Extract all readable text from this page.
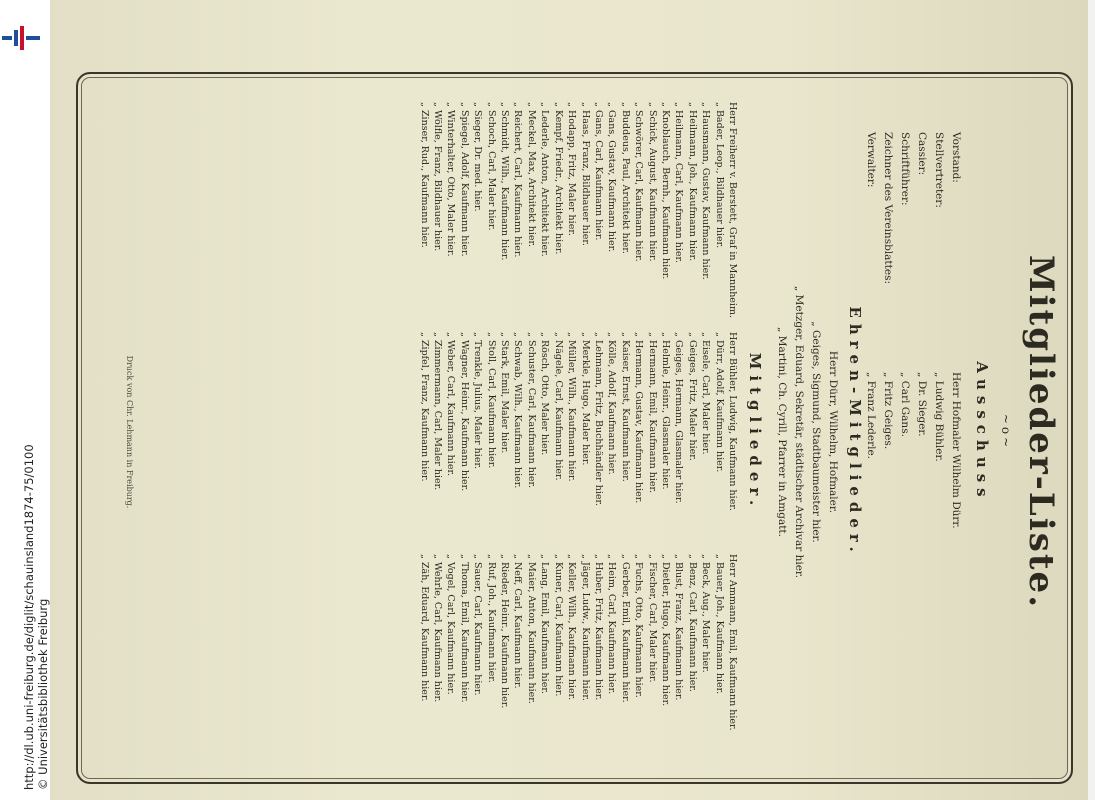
http://dl.ub.uni-freiburg.de/diglit/schauinsland1874-75/0100 © Universitätsbibliothek Freiburg
Mitglieder-Liste.
~o~
Ausschuss
Vorstand:
Herr Hofmaler Wilhelm Dürr.
Stellvertreter:
„ Ludwig Bühler.
Cassier:
„ Dr. Sieger.
Schriftführer:
„ Carl Gans.
Zeichner des Vereinsblattes:
„ Fritz Geiges.
Verwalter:
„ Franz Lederle.
Ehren-Mitglieder.
Herr Dürr, Wilhelm, Hofmaler.
„ Geiges, Sigmund, Stadtbaumeister hier.
„ Metzger, Eduard, Sekretär, städtischer Archivar hier.
„ Martini, Ch. Cyrill, Pfarrer in Amgatt.
Mitglieder.
Herr Freiherr v. Berstett, Graf in Mannheim.
„ Bader, Leop., Bildhauer hier.
„ Hausmann, Gustav, Kaufmann hier.
„ Heilmann, Joh., Kaufmann hier.
„ Heilmann, Carl, Kaufmann hier.
„ Knoblauch, Bernh., Kaufmann hier.
„ Schick, August, Kaufmann hier.
„ Schwörer, Carl, Kaufmann hier.
„ Buddeus, Paul, Architekt hier.
„ Gans, Gustav, Kaufmann hier.
„ Gans, Carl, Kaufmann hier.
„ Haas, Franz, Bildhauer hier.
„ Hodapp, Fritz, Maler hier.
„ Kempf, Friedr., Architekt hier.
„ Lederle, Anton, Architekt hier.
„ Meckel, Max, Architekt hier.
„ Reichert, Carl, Kaufmann hier.
„ Schmidt, Wilh., Kaufmann hier.
„ Schoch, Carl, Maler hier.
„ Sieger, Dr. med. hier.
„ Spiegel, Adolf, Kaufmann hier.
„ Winterhalter, Otto, Maler hier.
„ Wölfle, Franz, Bildhauer hier.
„ Zinser, Rud., Kaufmann hier.
Herr Bühler, Ludwig, Kaufmann hier.
„ Dürr, Adolf, Kaufmann hier.
„ Eisele, Carl, Maler hier.
„ Geiges, Fritz, Maler hier.
„ Geiges, Hermann, Glasmaler hier.
„ Helmle, Heinr., Glasmaler hier.
„ Hermann, Emil, Kaufmann hier.
„ Hermann, Gustav, Kaufmann hier.
„ Kaiser, Ernst, Kaufmann hier.
„ Kölle, Adolf, Kaufmann hier.
„ Lehmann, Fritz, Buchhändler hier.
„ Merkle, Hugo, Maler hier.
„ Müller, Wilh., Kaufmann hier.
„ Nägele, Carl, Kaufmann hier.
„ Rösch, Otto, Maler hier.
„ Schuster, Carl, Kaufmann hier.
„ Schwab, Wilh., Kaufmann hier.
„ Stark, Emil, Maler hier.
„ Stoll, Carl, Kaufmann hier.
„ Trenkle, Julius, Maler hier.
„ Wagner, Heinr., Kaufmann hier.
„ Weber, Carl, Kaufmann hier.
„ Zimmermann, Carl, Maler hier.
„ Zipfel, Franz, Kaufmann hier.
Herr Ammann, Emil, Kaufmann hier.
„ Bauer, Joh., Kaufmann hier.
„ Beck, Aug., Maler hier.
„ Benz, Carl, Kaufmann hier.
„ Blust, Franz, Kaufmann hier.
„ Dietler, Hugo, Kaufmann hier.
„ Fischer, Carl, Maler hier.
„ Fuchs, Otto, Kaufmann hier.
„ Gerber, Emil, Kaufmann hier.
„ Heim, Carl, Kaufmann hier.
„ Huber, Fritz, Kaufmann hier.
„ Jäger, Ludw., Kaufmann hier.
„ Keller, Wilh., Kaufmann hier.
„ Kuner, Carl, Kaufmann hier.
„ Lang, Emil, Kaufmann hier.
„ Maier, Anton, Kaufmann hier.
„ Neff, Carl, Kaufmann hier.
„ Rieder, Heinr., Kaufmann hier.
„ Ruf, Joh., Kaufmann hier.
„ Sauer, Carl, Kaufmann hier.
„ Thoma, Emil, Kaufmann hier.
„ Vogel, Carl, Kaufmann hier.
„ Wehrle, Carl, Kaufmann hier.
„ Zäh, Eduard, Kaufmann hier.
Druck von Chr. Lehmann in Freiburg.
